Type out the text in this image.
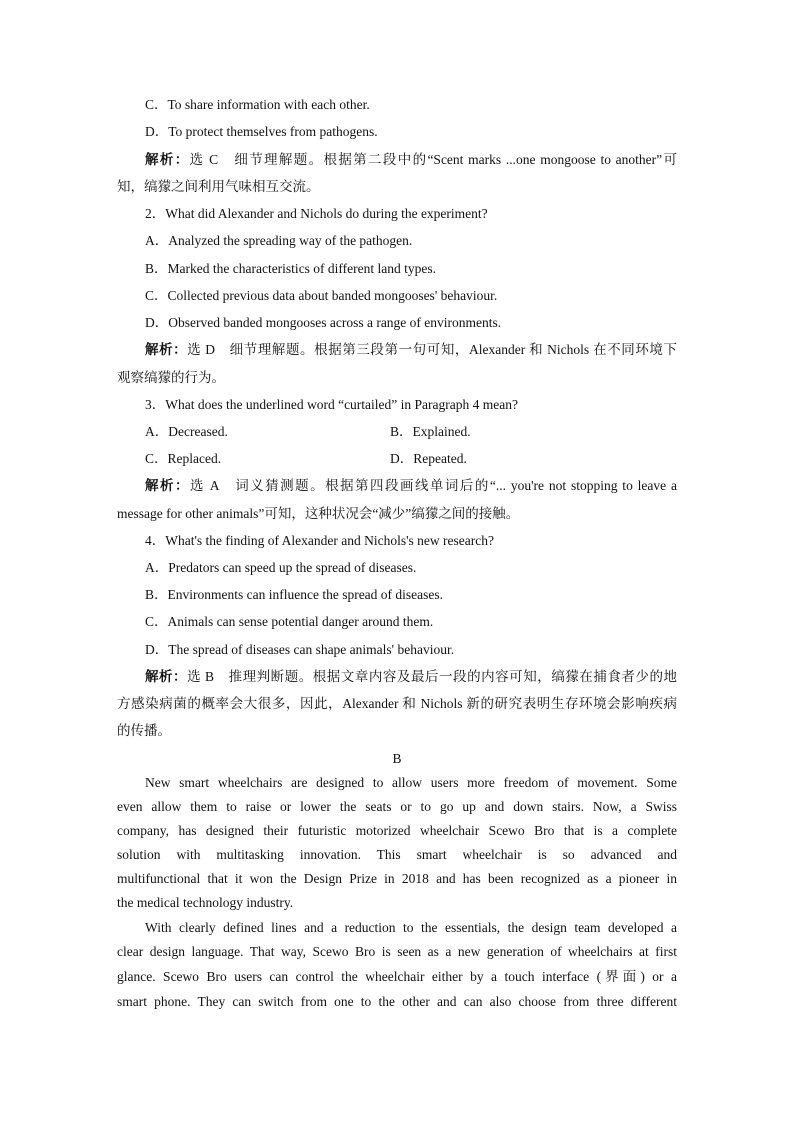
C．To share information with each other.
D．To protect themselves from pathogens.
解析：选 C　细节理解题。根据第二段中的“Scent marks ...one mongoose to another”可
知，缟獴之间利用气味相互交流。
2．What did Alexander and Nichols do during the experiment?
A．Analyzed the spreading way of the pathogen.
B．Marked the characteristics of different land types.
C．Collected previous data about banded mongooses' behaviour.
D．Observed banded mongooses across a range of environments.
解析：选 D　细节理解题。根据第三段第一句可知，Alexander 和 Nichols 在不同环境下
观察缟獴的行为。
3．What does the underlined word “curtailed” in Paragraph 4 mean?
A．Decreased.	B．Explained.
C．Replaced.	D．Repeated.
解析：选 A　词义猜测题。根据第四段画线单词后的“... you're not stopping to leave a
message for other animals”可知，这种状况会“减少”缟獴之间的接触。
4．What's the finding of Alexander and Nichols's new research?
A．Predators can speed up the spread of diseases.
B．Environments can influence the spread of diseases.
C．Animals can sense potential danger around them.
D．The spread of diseases can shape animals' behaviour.
解析：选 B　推理判断题。根据文章内容及最后一段的内容可知，缟獴在捕食者少的地
方感染病菌的概率会大很多，因此，Alexander 和 Nichols 新的研究表明生存环境会影响疾病
的传播。
B
New smart wheelchairs are designed to allow users more freedom of movement. Some
even allow them to raise or lower the seats or to go up and down stairs. Now, a Swiss
company, has designed their futuristic motorized wheelchair Scewo Bro that is a complete
solution with multitasking innovation. This smart wheelchair is so advanced and
multifunctional that it won the Design Prize in 2018 and has been recognized as a pioneer in
the medical technology industry.
With clearly defined lines and a reduction to the essentials, the design team developed a
clear design language. That way, Scewo Bro is seen as a new generation of wheelchairs at first
glance. Scewo Bro users can control the wheelchair either by a touch interface (界面) or a
smart phone. They can switch from one to the other and can also choose from three different
